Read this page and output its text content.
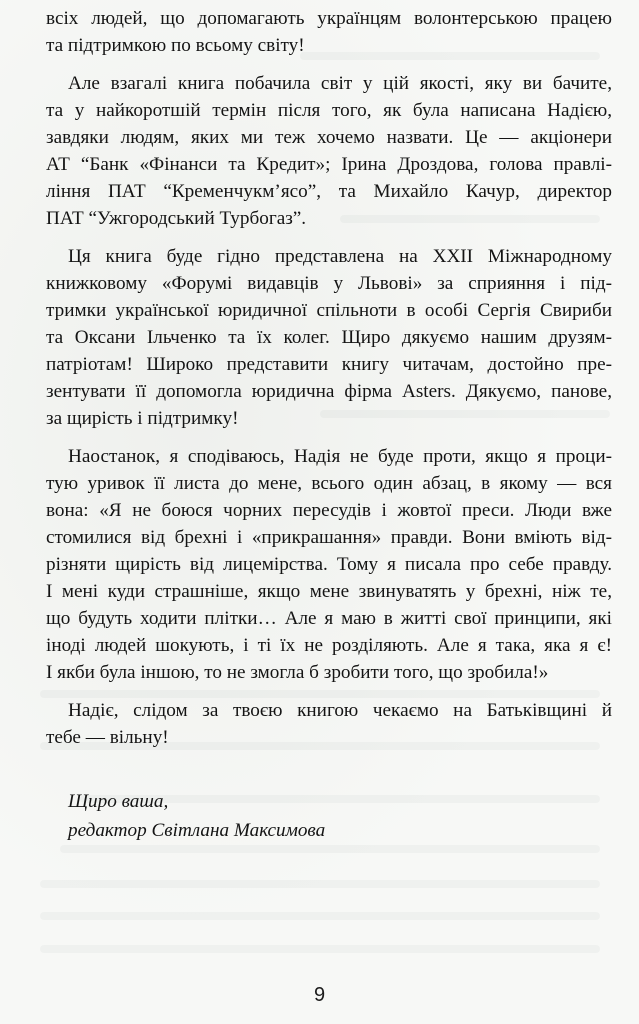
всіх людей, що допомагають українцям волонтерською працею
та підтримкою по всьому світу!
Але взагалі книга побачила світ у цій якості, яку ви бачите,
та у найкоротшій термін після того, як була написана Надією,
завдяки людям, яких ми теж хочемо назвати. Це — акціонери
АТ “Банк «Фінанси та Кредит»; Ірина Дроздова, голова правлі-
ління ПАТ “Кременчукм’ясо”, та Михайло Качур, директор
ПАТ “Ужгородський Турбогаз”.
Ця книга буде гідно представлена на XXII Міжнародному
книжковому «Форумі видавців у Львові» за сприяння і під-
тримки української юридичної спільноти в особі Сергія Свириби
та Оксани Ільченко та їх колег. Щиро дякуємо нашим друзям-
патріотам! Широко представити книгу читачам, достойно пре-
зентувати її допомогла юридична фірма Asters. Дякуємо, панове,
за щирість і підтримку!
Наостанок, я сподіваюсь, Надія не буде проти, якщо я проци-
тую уривок її листа до мене, всього один абзац, в якому — вся
вона: «Я не боюся чорних пересудів і жовтої преси. Люди вже
стомилися від брехні і «прикрашання» правди. Вони вміють від-
різняти щирість від лицемірства. Тому я писала про себе правду.
І мені куди страшніше, якщо мене звинуватять у брехні, ніж те,
що будуть ходити плітки… Але я маю в житті свої принципи, які
іноді людей шокують, і ті їх не розділяють. Але я така, яка я є!
І якби була іншою, то не змогла б зробити того, що зробила!»
Надіє, слідом за твоєю книгою чекаємо на Батьківщині й
тебе — вільну!
Щиро ваша,
редактор Світлана Максимова
9
